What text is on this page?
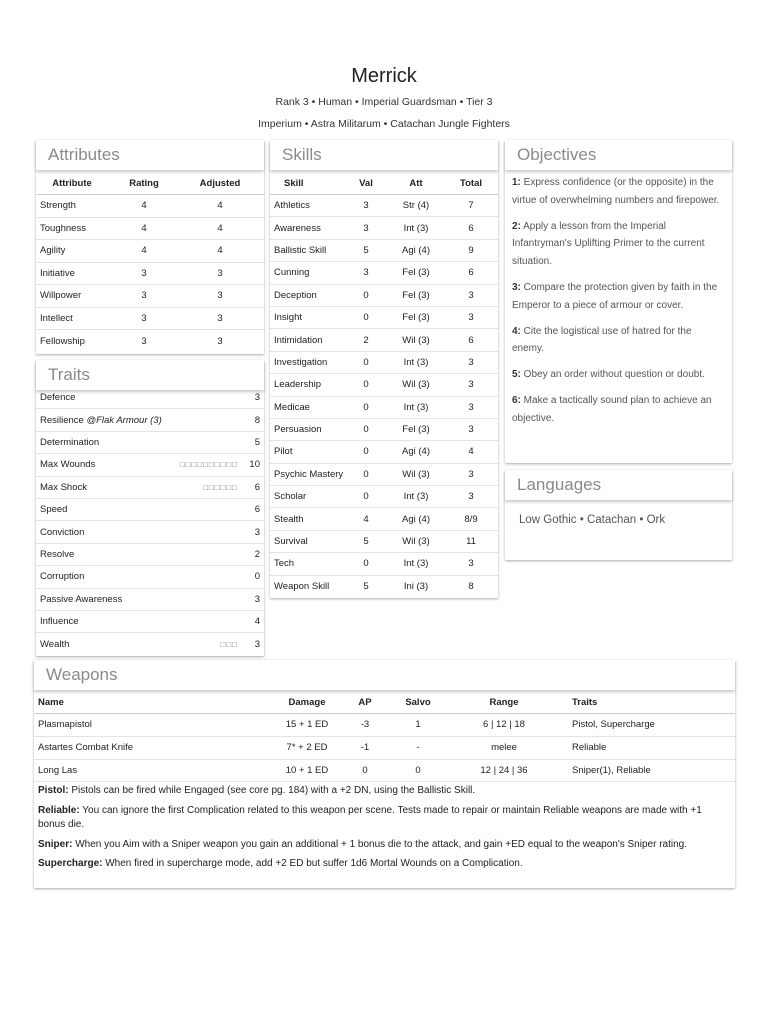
Merrick
Rank 3 • Human • Imperial Guardsman • Tier 3
Imperium • Astra Militarum • Catachan Jungle Fighters
Attributes
Attribute	Rating	Adjusted
Strength	4	4
Toughness	4	4
Agility	4	4
Initiative	3	3
Willpower	3	3
Intellect	3	3
Fellowship	3	3
Traits
Defence	3
Resilience @Flak Armour (3)	8
Determination	5
Max Wounds	□□□□□□□□□□	10
Max Shock	□□□□□□	6
Speed	6
Conviction	3
Resolve	2
Corruption	0
Passive Awareness	3
Influence	4
Wealth	□□□	3
Skills
Skill	Val	Att	Total
Athletics	3	Str (4)	7
Awareness	3	Int (3)	6
Ballistic Skill	5	Agi (4)	9
Cunning	3	Fel (3)	6
Deception	0	Fel (3)	3
Insight	0	Fel (3)	3
Intimidation	2	Wil (3)	6
Investigation	0	Int (3)	3
Leadership	0	Wil (3)	3
Medicae	0	Int (3)	3
Persuasion	0	Fel (3)	3
Pilot	0	Agi (4)	4
Psychic Mastery	0	Wil (3)	3
Scholar	0	Int (3)	3
Stealth	4	Agi (4)	8/9
Survival	5	Wil (3)	11
Tech	0	Int (3)	3
Weapon Skill	5	Ini (3)	8
Objectives
1: Express confidence (or the opposite) in the virtue of overwhelming numbers and firepower.
2: Apply a lesson from the Imperial Infantryman's Uplifting Primer to the current situation.
3: Compare the protection given by faith in the Emperor to a piece of armour or cover.
4: Cite the logistical use of hatred for the enemy.
5: Obey an order without question or doubt.
6: Make a tactically sound plan to achieve an objective.
Languages
Low Gothic • Catachan • Ork
Weapons
Name	Damage	AP	Salvo	Range	Traits
Plasmapistol	15 + 1 ED	-3	1	6 | 12 | 18	Pistol, Supercharge
Astartes Combat Knife	7* + 2 ED	-1	-	melee	Reliable
Long Las	10 + 1 ED	0	0	12 | 24 | 36	Sniper(1), Reliable
Pistol: Pistols can be fired while Engaged (see core pg. 184) with a +2 DN, using the Ballistic Skill.
Reliable: You can ignore the first Complication related to this weapon per scene. Tests made to repair or maintain Reliable weapons are made with +1 bonus die.
Sniper: When you Aim with a Sniper weapon you gain an additional + 1 bonus die to the attack, and gain +ED equal to the weapon's Sniper rating.
Supercharge: When fired in supercharge mode, add +2 ED but suffer 1d6 Mortal Wounds on a Complication.
